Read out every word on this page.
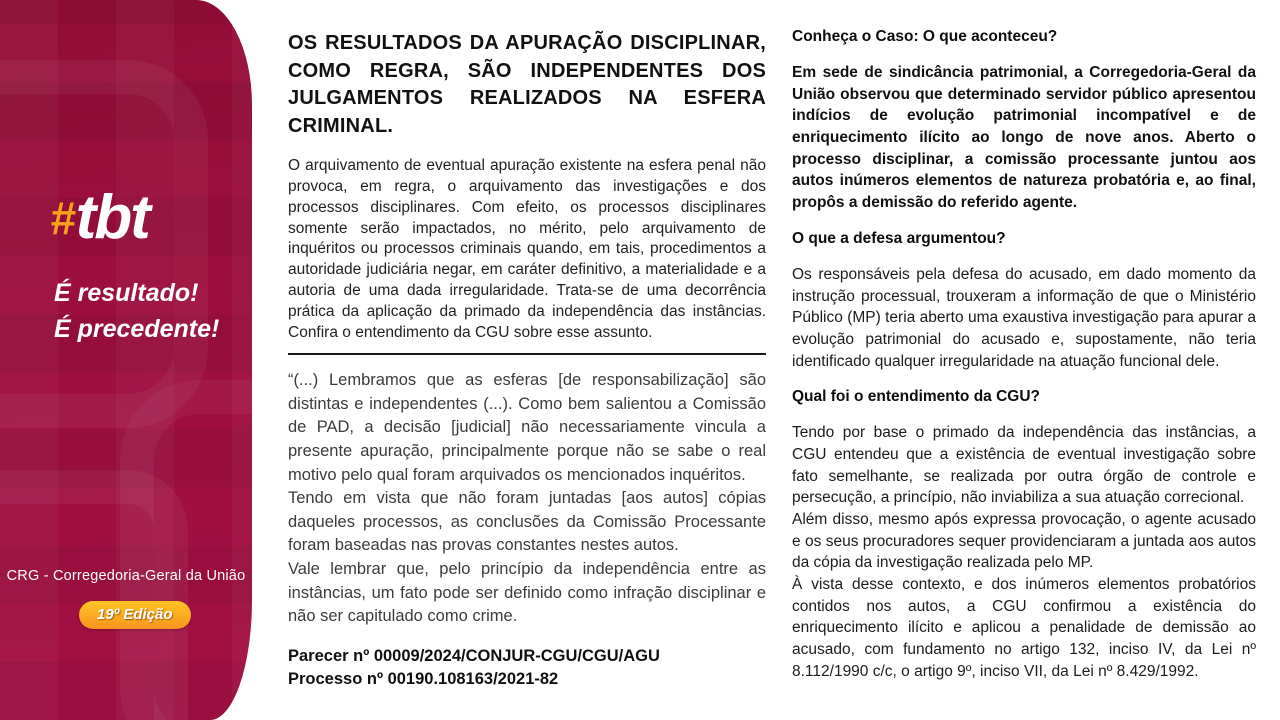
#tbt
É resultado!
É precedente!
CRG - Corregedoria-Geral da União
19º Edição
OS RESULTADOS DA APURAÇÃO DISCIPLINAR, COMO REGRA, SÃO INDEPENDENTES DOS JULGAMENTOS REALIZADOS NA ESFERA CRIMINAL.

O arquivamento de eventual apuração existente na esfera penal não provoca, em regra, o arquivamento das investigações e dos processos disciplinares. Com efeito, os processos disciplinares somente serão impactados, no mérito, pelo arquivamento de inquéritos ou processos criminais quando, em tais, procedimentos a autoridade judiciária negar, em caráter definitivo, a materialidade e a autoria de uma dada irregularidade. Trata-se de uma decorrência prática da aplicação da primado da independência das instâncias. Confira o entendimento da CGU sobre esse assunto.

“(...) Lembramos que as esferas [de responsabilização] são distintas e independentes (...). Como bem salientou a Comissão de PAD, a decisão [judicial] não necessariamente vincula a presente apuração, principalmente porque não se sabe o real motivo pelo qual foram arquivados os mencionados inquéritos.

Tendo em vista que não foram juntadas [aos autos] cópias daqueles processos, as conclusões da Comissão Processante foram baseadas nas provas constantes nestes autos.

Vale lembrar que, pelo princípio da independência entre as instâncias, um fato pode ser definido como infração disciplinar e não ser capitulado como crime.

Parecer nº 00009/2024/CONJUR-CGU/CGU/AGU
Processo nº 00190.108163/2021-82
Conheça o Caso: O que aconteceu?

Em sede de sindicância patrimonial, a Corregedoria-Geral da União observou que determinado servidor público apresentou indícios de evolução patrimonial incompatível e de enriquecimento ilícito ao longo de nove anos. Aberto o processo disciplinar, a comissão processante juntou aos autos inúmeros elementos de natureza probatória e, ao final, propôs a demissão do referido agente.

O que a defesa argumentou?

Os responsáveis pela defesa do acusado, em dado momento da instrução processual, trouxeram a informação de que o Ministério Público (MP) teria aberto uma exaustiva investigação para apurar a evolução patrimonial do acusado e, supostamente, não teria identificado qualquer irregularidade na atuação funcional dele.

Qual foi o entendimento da CGU?

Tendo por base o primado da independência das instâncias, a CGU entendeu que a existência de eventual investigação sobre fato semelhante, se realizada por outra órgão de controle e persecução, a princípio, não inviabiliza a sua atuação correcional.

Além disso, mesmo após expressa provocação, o agente acusado e os seus procuradores sequer providenciaram a juntada aos autos da cópia da investigação realizada pelo MP.

À vista desse contexto, e dos inúmeros elementos probatórios contidos nos autos, a CGU confirmou a existência do enriquecimento ilícito e aplicou a penalidade de demissão ao acusado, com fundamento no artigo 132, inciso IV, da Lei nº 8.112/1990 c/c, o artigo 9º, inciso VII, da Lei nº 8.429/1992.
